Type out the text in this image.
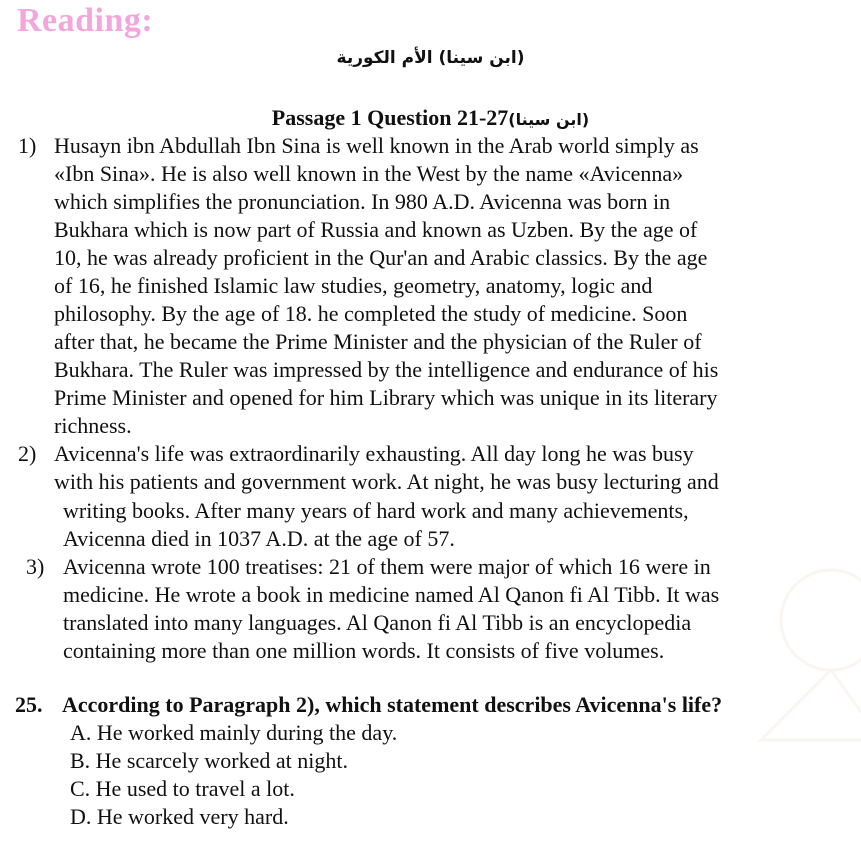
Reading:
(ابن سينا) الأم الكورية
Passage 1 Question 21-27(ابن سينا)
1) Husayn ibn Abdullah Ibn Sina is well known in the Arab world simply as
«Ibn Sina». He is also well known in the West by the name «Avicenna»
which simplifies the pronunciation. In 980 A.D. Avicenna was born in
Bukhara which is now part of Russia and known as Uzben. By the age of
10, he was already proficient in the Qur'an and Arabic classics. By the age
of 16, he finished Islamic law studies, geometry, anatomy, logic and
philosophy. By the age of 18. he completed the study of medicine. Soon
after that, he became the Prime Minister and the physician of the Ruler of
Bukhara. The Ruler was impressed by the intelligence and endurance of his
Prime Minister and opened for him Library which was unique in its literary
richness.
2) Avicenna's life was extraordinarily exhausting. All day long he was busy
with his patients and government work. At night, he was busy lecturing and
writing books. After many years of hard work and many achievements,
Avicenna died in 1037 A.D. at the age of 57.
3) Avicenna wrote 100 treatises: 21 of them were major of which 16 were in
medicine. He wrote a book in medicine named Al Qanon fi Al Tibb. It was
translated into many languages. Al Qanon fi Al Tibb is an encyclopedia
containing more than one million words. It consists of five volumes.
25. According to Paragraph 2), which statement describes Avicenna's life?
A. He worked mainly during the day.
B. He scarcely worked at night.
C. He used to travel a lot.
D. He worked very hard.
